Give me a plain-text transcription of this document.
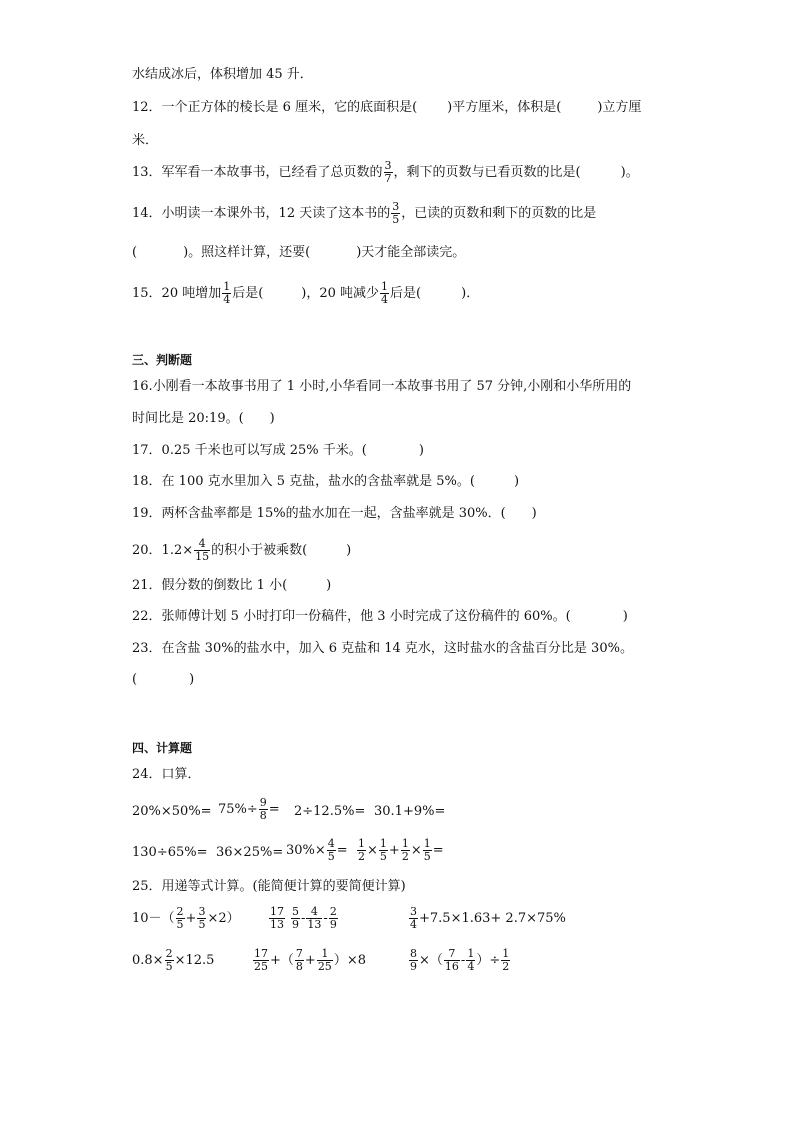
水结成冰后，体积增加 45 升．
12．一个正方体的棱长是 6 厘米，它的底面积是( )平方厘米，体积是(	)立方厘
米．
13．军军看一本故事书，已经看了总页数的 $\frac{3}{7}$ ，剩下的页数与已看页数的比是(	)。
14．小明读一本课外书，12 天读了这本书的 $\frac{3}{5}$ ，已读的页数和剩下的页数的比是
(	)。照这样计算，还要(	)天才能全部读完。
15．20 吨增加 $\frac{1}{4}$ 后是(	)，20 吨减少 $\frac{1}{4}$ 后是(	)．
三、判断题
16.小刚看一本故事书用了 1 小时,小华看同一本故事书用了 57 分钟,小刚和小华所用的
时间比是 20:19。(　　)
17．0.25 千米也可以写成 25% 千米。(　　　　)
18．在 100 克水里加入 5 克盐，盐水的含盐率就是 5%。(　　　)
19．两杯含盐率都是 15%的盐水加在一起，含盐率就是 30%．(　　)
20．$1.2\times \frac{4}{15}$ 的积小于被乘数(　　　)
21．假分数的倒数比 1 小(　　　)
22．张师傅计划 5 小时打印一份稿件，他 3 小时完成了这份稿件的 60%。(　　　　)
23．在含盐 30%的盐水中，加入 6 克盐和 14 克水，这时盐水的含盐百分比是 30%。
(　　　　)
四、计算题
24．口算．
$20\%\times 50\%= 75\%\div \frac{9}{8} = 2\div 12.5\%= 30.1+9\%=$
$130\div 65\%= 36\times 25\%= 30\%\times \frac{4}{5} = \frac{1}{2} \times \frac{1}{5} + \frac{1}{2} \times \frac{1}{5}$ =
25．用递等式计算。(能简便计算的要简便计算)
$10-( \frac{2}{5} + \frac{3}{5} \times 2)$	$\frac{17}{13} \frac{5}{9} - \frac{4}{13} - \frac{2}{9}$	$\frac{3}{4} +7.5\times 1.63+ 2.7\times 75\%$
$0.8\times \frac{2}{5} \times 12.5$	$\frac{17}{25}$ +（ $\frac{7}{8} + \frac{1}{25} )\times 8$	$\frac{8}{9}$ ×（ $\frac{7}{16} - \frac{1}{4}$ ）÷ $\frac{1}{2}$
